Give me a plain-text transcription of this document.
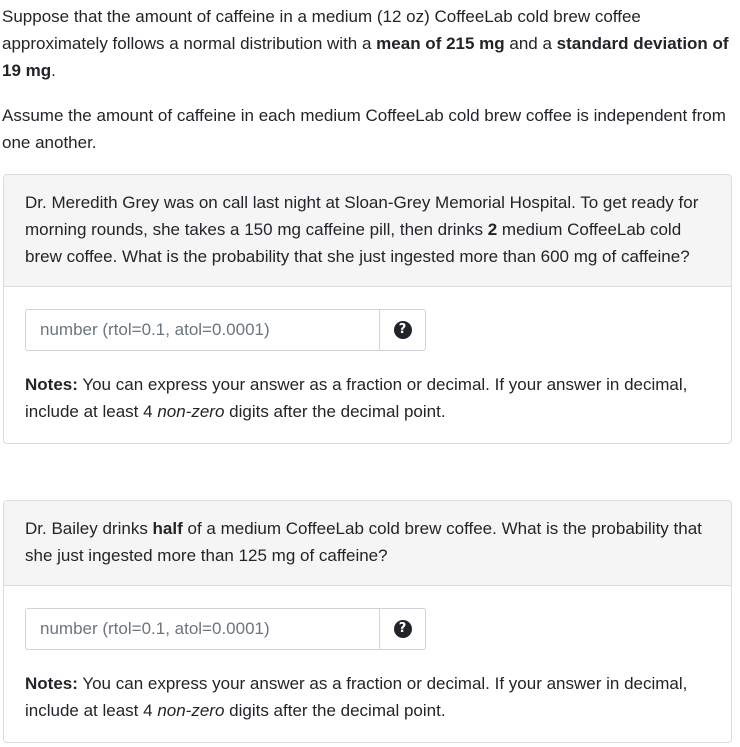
Suppose that the amount of caffeine in a medium (12 oz) CoffeeLab cold brew coffee approximately follows a normal distribution with a mean of 215 mg and a standard deviation of 19 mg.

Assume the amount of caffeine in each medium CoffeeLab cold brew coffee is independent from one another.

Dr. Meredith Grey was on call last night at Sloan-Grey Memorial Hospital. To get ready for morning rounds, she takes a 150 mg caffeine pill, then drinks 2 medium CoffeeLab cold brew coffee. What is the probability that she just ingested more than 600 mg of caffeine?
number (rtol=0.1, atol=0.0001)
?
Notes: You can express your answer as a fraction or decimal. If your answer in decimal, include at least 4 non-zero digits after the decimal point.
Dr. Bailey drinks half of a medium CoffeeLab cold brew coffee. What is the probability that she just ingested more than 125 mg of caffeine?
number (rtol=0.1, atol=0.0001)
?
Notes: You can express your answer as a fraction or decimal. If your answer in decimal, include at least 4 non-zero digits after the decimal point.
